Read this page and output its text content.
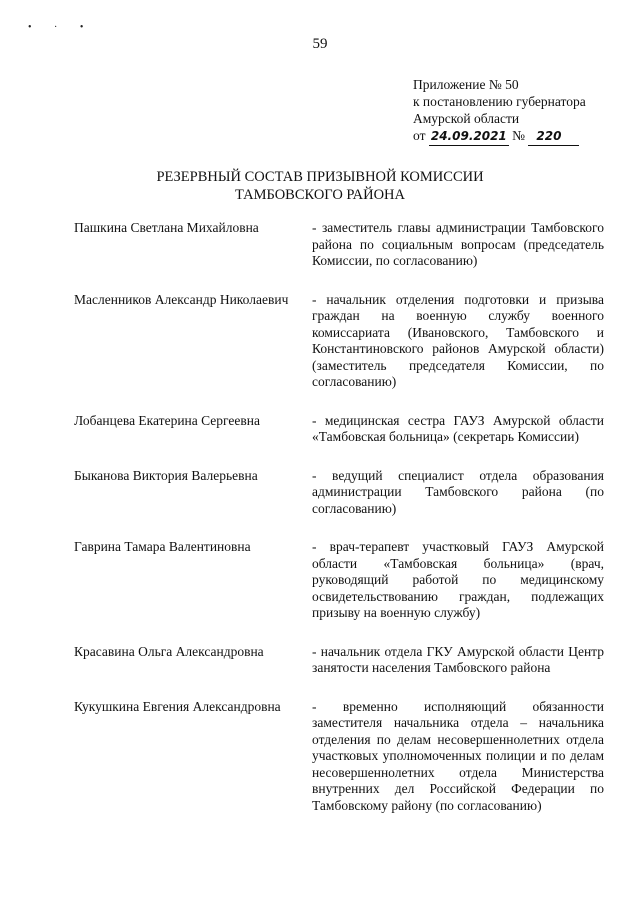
• · •
59
Приложение № 50
к постановлению губернатора
Амурской области
от
24.09.2021
№
220
РЕЗЕРВНЫЙ СОСТАВ ПРИЗЫВНОЙ КОМИССИИ
ТАМБОВСКОГО РАЙОНА
Пашкина Светлана Михайловна	- заместитель главы администрации Тамбовского района по социальным вопросам (председатель Комиссии, по согласованию)
Масленников Александр Николаевич	- начальник отделения подготовки и призыва граждан на военную службу военного комиссариата (Ивановского, Тамбовского и Константиновского районов Амурской области) (заместитель председателя Комиссии, по согласованию)
Лобанцева Екатерина Сергеевна	- медицинская сестра ГАУЗ Амурской области «Тамбовская больница» (секретарь Комиссии)
Быканова Виктория Валерьевна	- ведущий специалист отдела образования администрации Тамбовского района (по согласованию)
Гаврина Тамара Валентиновна	- врач-терапевт участковый ГАУЗ Амурской области «Тамбовская больница» (врач, руководящий работой по медицинскому освидетельствованию граждан, подлежащих призыву на военную службу)
Красавина Ольга Александровна	- начальник отдела ГКУ Амурской области Центр занятости населения Тамбовского района
Кукушкина Евгения Александровна	- временно исполняющий обязанности заместителя начальника отдела – начальника отделения по делам несовершеннолетних отдела участковых уполномоченных полиции и по делам несовершеннолетних отдела Министерства внутренних дел Российской Федерации по Тамбовскому району (по согласованию)
